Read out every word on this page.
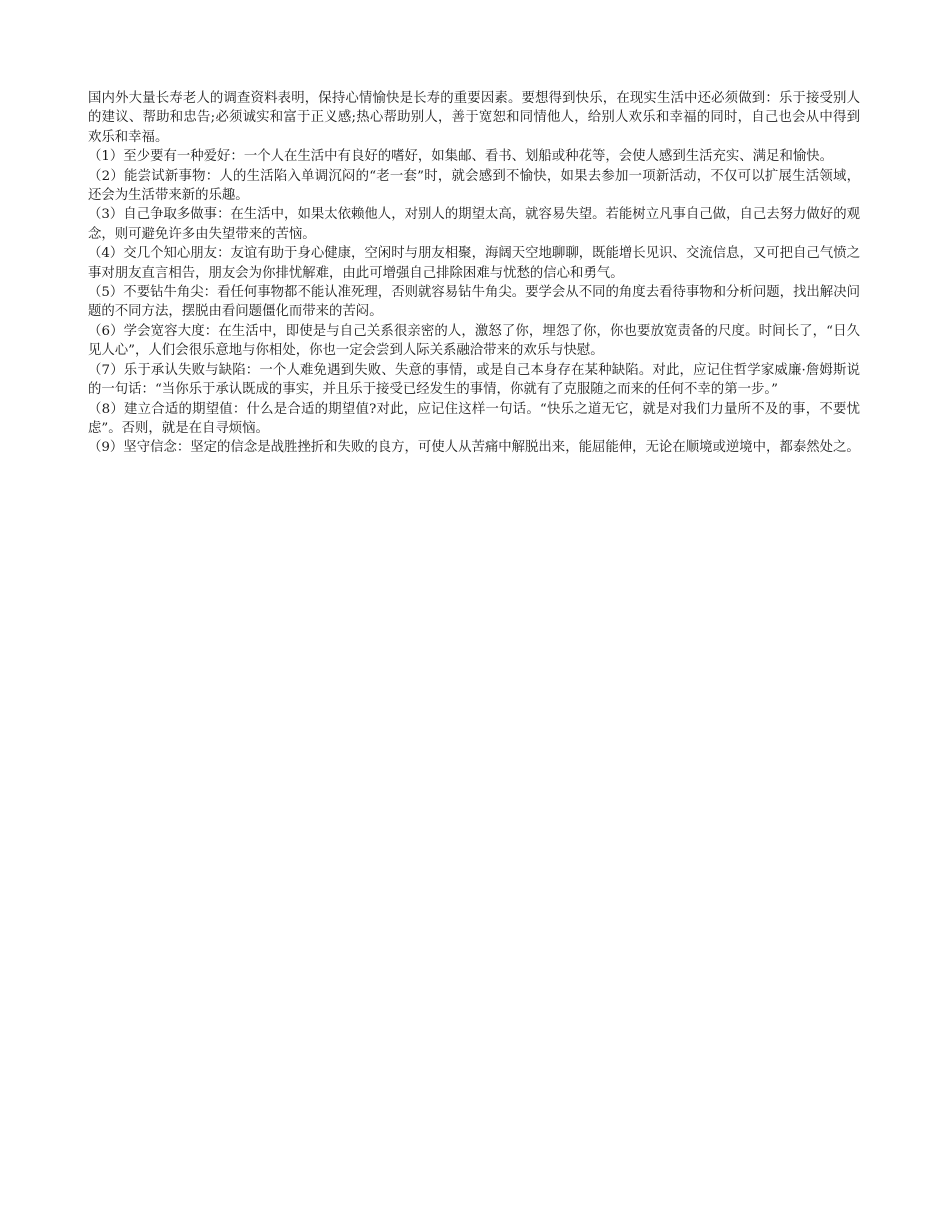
国内外大量长寿老人的调查资料表明，保持心情愉快是长寿的重要因素。要想得到快乐，在现实生活中还必须做到：乐于接受别人的建议、帮助和忠告;必须诚实和富于正义感;热心帮助别人，善于宽恕和同情他人，给别人欢乐和幸福的同时，自己也会从中得到欢乐和幸福。

（1）至少要有一种爱好：一个人在生活中有良好的嗜好，如集邮、看书、划船或种花等，会使人感到生活充实、满足和愉快。

（2）能尝试新事物：人的生活陷入单调沉闷的“老一套”时，就会感到不愉快，如果去参加一项新活动，不仅可以扩展生活领域，还会为生活带来新的乐趣。

（3）自己争取多做事：在生活中，如果太依赖他人，对别人的期望太高，就容易失望。若能树立凡事自己做，自己去努力做好的观念，则可避免许多由失望带来的苦恼。

（4）交几个知心朋友：友谊有助于身心健康，空闲时与朋友相聚，海阔天空地聊聊，既能增长见识、交流信息，又可把自己气愤之事对朋友直言相告，朋友会为你排忧解难，由此可增强自己排除困难与忧愁的信心和勇气。

（5）不要钻牛角尖：看任何事物都不能认准死理，否则就容易钻牛角尖。要学会从不同的角度去看待事物和分析问题，找出解决问题的不同方法，摆脱由看问题僵化而带来的苦闷。

（6）学会宽容大度：在生活中，即使是与自己关系很亲密的人，激怒了你，埋怨了你，你也要放宽责备的尺度。时间长了，“日久见人心”，人们会很乐意地与你相处，你也一定会尝到人际关系融洽带来的欢乐与快慰。

（7）乐于承认失败与缺陷：一个人难免遇到失败、失意的事情，或是自己本身存在某种缺陷。对此，应记住哲学家威廉·詹姆斯说的一句话：“当你乐于承认既成的事实，并且乐于接受已经发生的事情，你就有了克服随之而来的任何不幸的第一步。”

（8）建立合适的期望值：什么是合适的期望值?对此，应记住这样一句话。“快乐之道无它，就是对我们力量所不及的事，不要忧虑”。否则，就是在自寻烦恼。

（9）坚守信念：坚定的信念是战胜挫折和失败的良方，可使人从苦痛中解脱出来，能屈能伸，无论在顺境或逆境中，都泰然处之。
